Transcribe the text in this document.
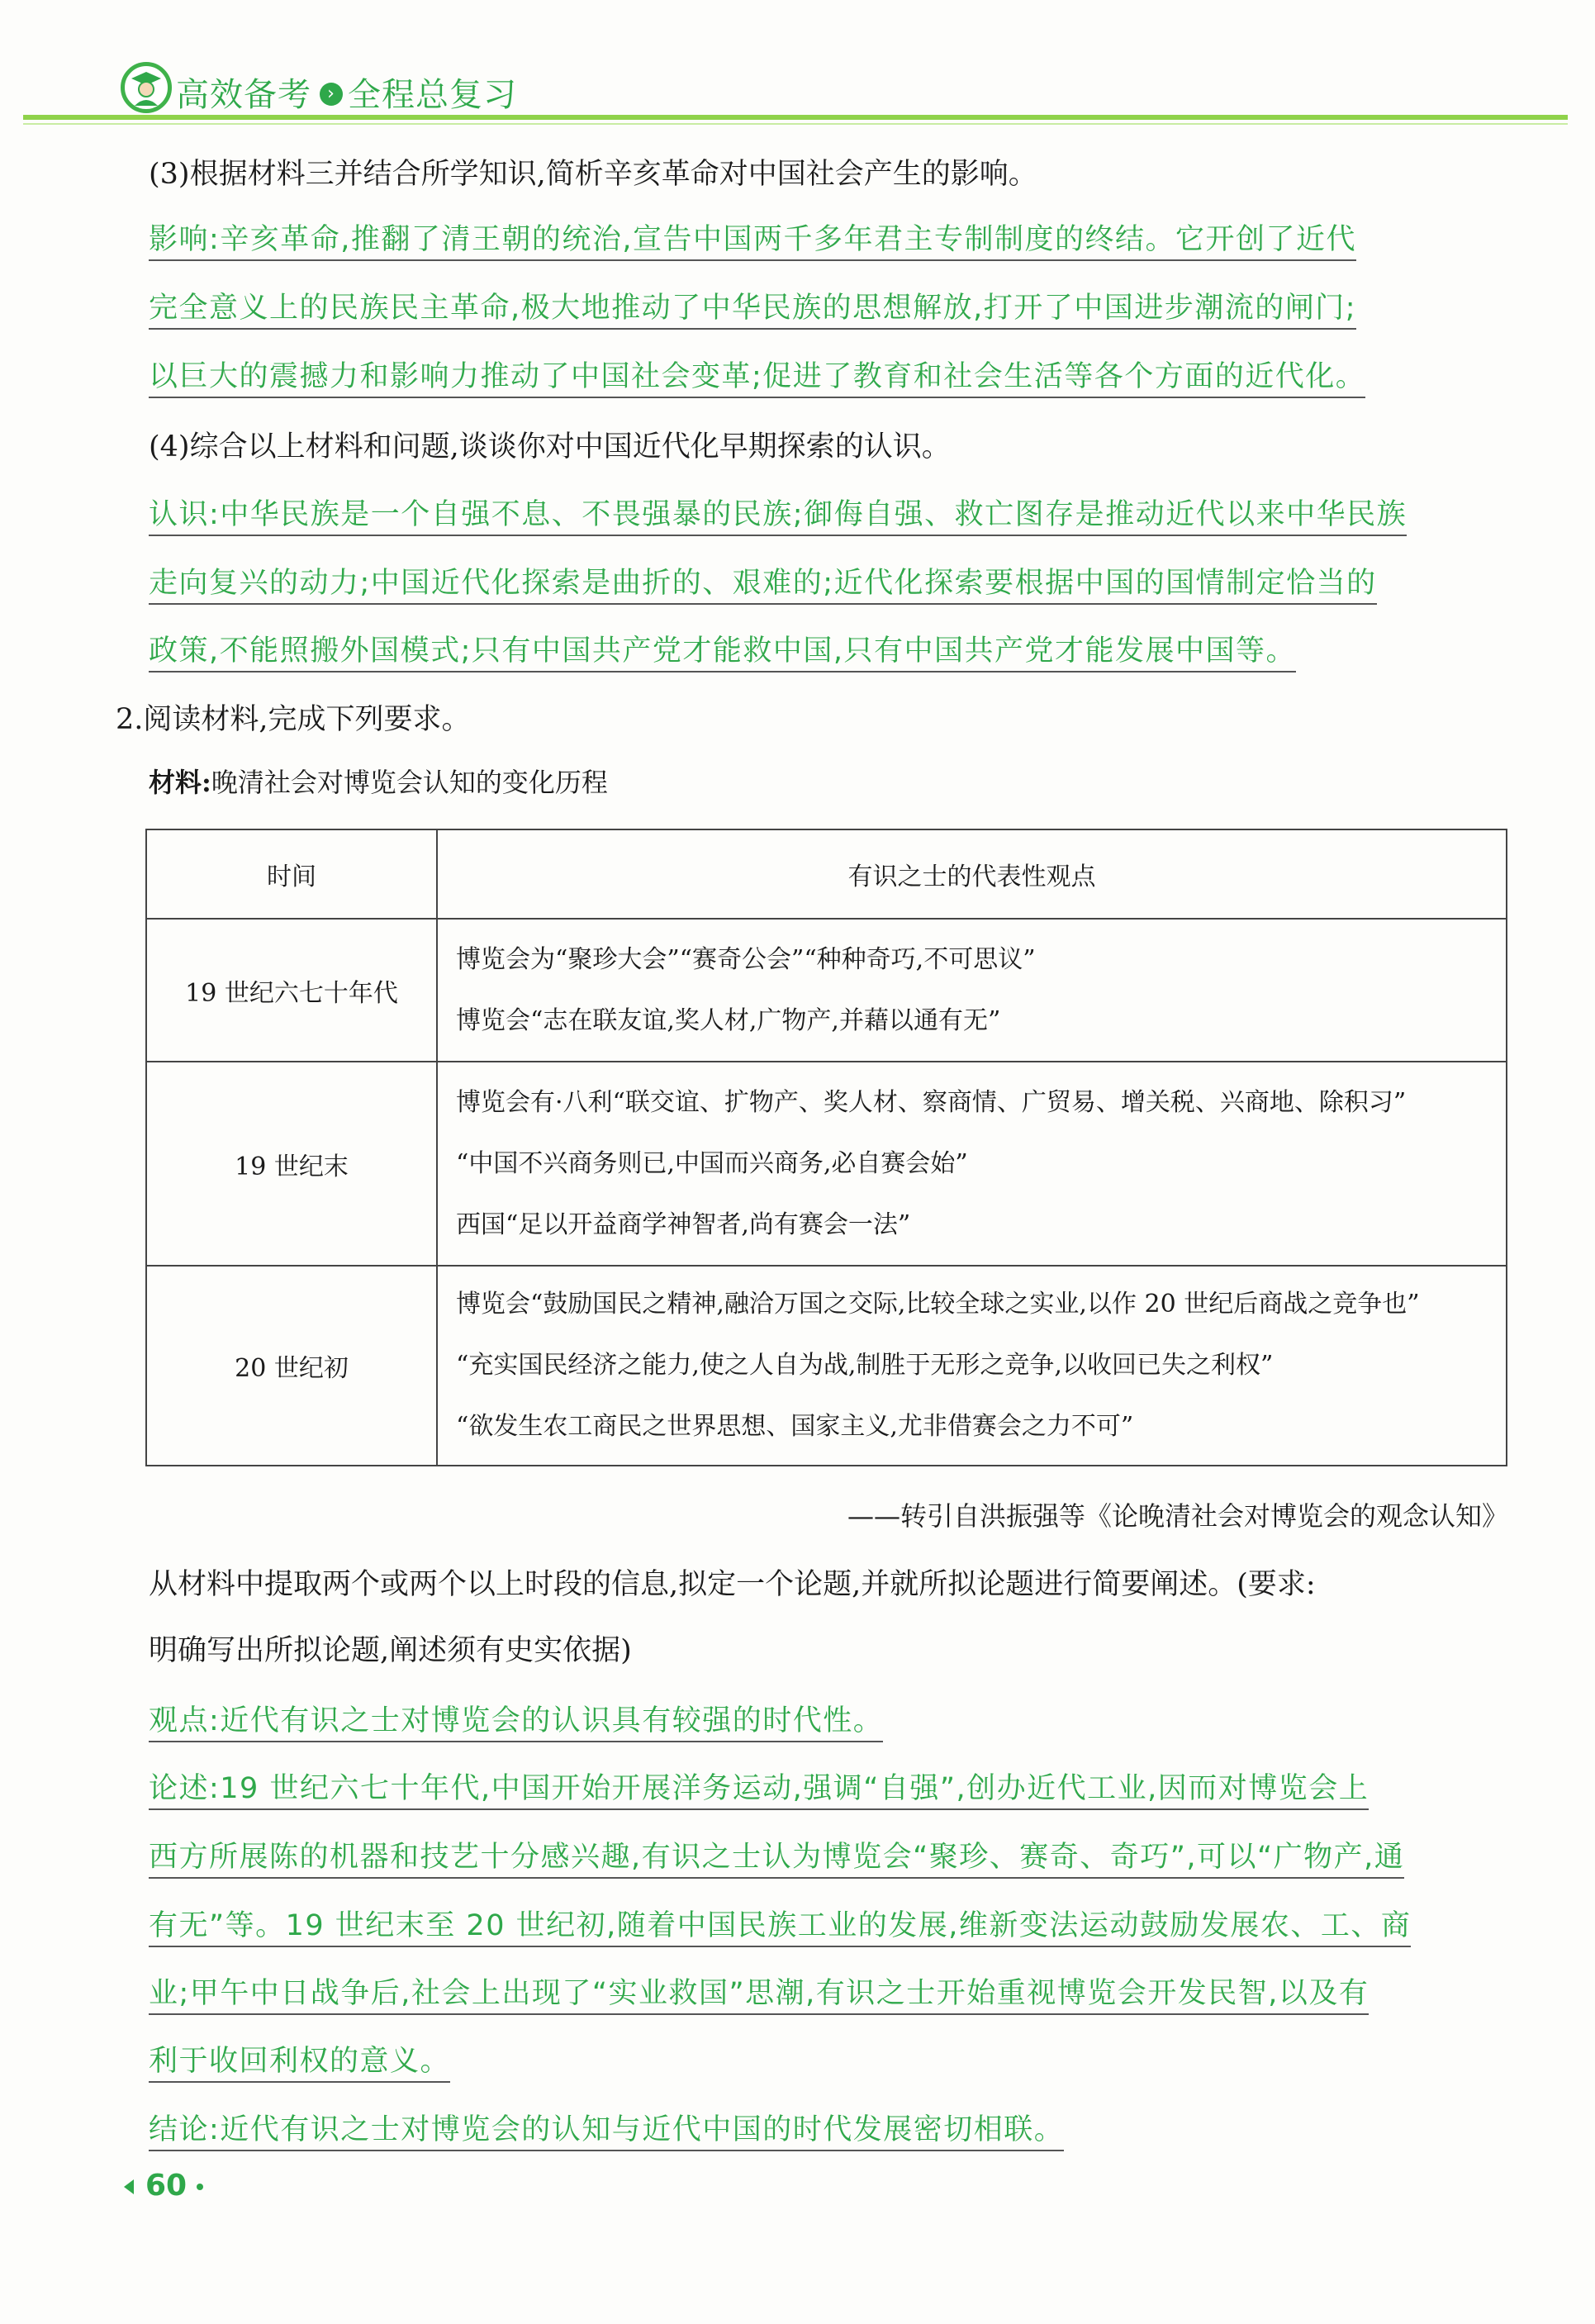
高效备考 › 全程总复习
(3)根据材料三并结合所学知识,简析辛亥革命对中国社会产生的影响。
影响:辛亥革命,推翻了清王朝的统治,宣告中国两千多年君主专制制度的终结。它开创了近代
完全意义上的民族民主革命,极大地推动了中华民族的思想解放,打开了中国进步潮流的闸门;
以巨大的震撼力和影响力推动了中国社会变革;促进了教育和社会生活等各个方面的近代化。
(4)综合以上材料和问题,谈谈你对中国近代化早期探索的认识。
认识:中华民族是一个自强不息、不畏强暴的民族;御侮自强、救亡图存是推动近代以来中华民族
走向复兴的动力;中国近代化探索是曲折的、艰难的;近代化探索要根据中国的国情制定恰当的
政策,不能照搬外国模式;只有中国共产党才能救中国,只有中国共产党才能发展中国等。
2.阅读材料,完成下列要求。
材料:晚清社会对博览会认知的变化历程
时间	有识之士的代表性观点
19 世纪六七十年代	博览会为“聚珍大会”“赛奇公会”“种种奇巧,不可思议”
博览会“志在联友谊,奖人材,广物产,并藉以通有无”

19 世纪末	博览会有·八利“联交谊、扩物产、奖人材、察商情、广贸易、增关税、兴商地、除积习”
“中国不兴商务则已,中国而兴商务,必自赛会始”
西国“足以开益商学神智者,尚有赛会一法”

20 世纪初	博览会“鼓励国民之精神,融洽万国之交际,比较全球之实业,以作 20 世纪后商战之竞争也”
“充实国民经济之能力,使之人自为战,制胜于无形之竞争,以收回已失之利权”
“欲发生农工商民之世界思想、国家主义,尤非借赛会之力不可”
——转引自洪振强等《论晚清社会对博览会的观念认知》
从材料中提取两个或两个以上时段的信息,拟定一个论题,并就所拟论题进行简要阐述。(要求:
明确写出所拟论题,阐述须有史实依据)
观点:近代有识之士对博览会的认识具有较强的时代性。
论述:19 世纪六七十年代,中国开始开展洋务运动,强调“自强”,创办近代工业,因而对博览会上
西方所展陈的机器和技艺十分感兴趣,有识之士认为博览会“聚珍、赛奇、奇巧”,可以“广物产,通
有无”等。19 世纪末至 20 世纪初,随着中国民族工业的发展,维新变法运动鼓励发展农、工、商
业;甲午中日战争后,社会上出现了“实业救国”思潮,有识之士开始重视博览会开发民智,以及有
利于收回利权的意义。
结论:近代有识之士对博览会的认知与近代中国的时代发展密切相联。
60
